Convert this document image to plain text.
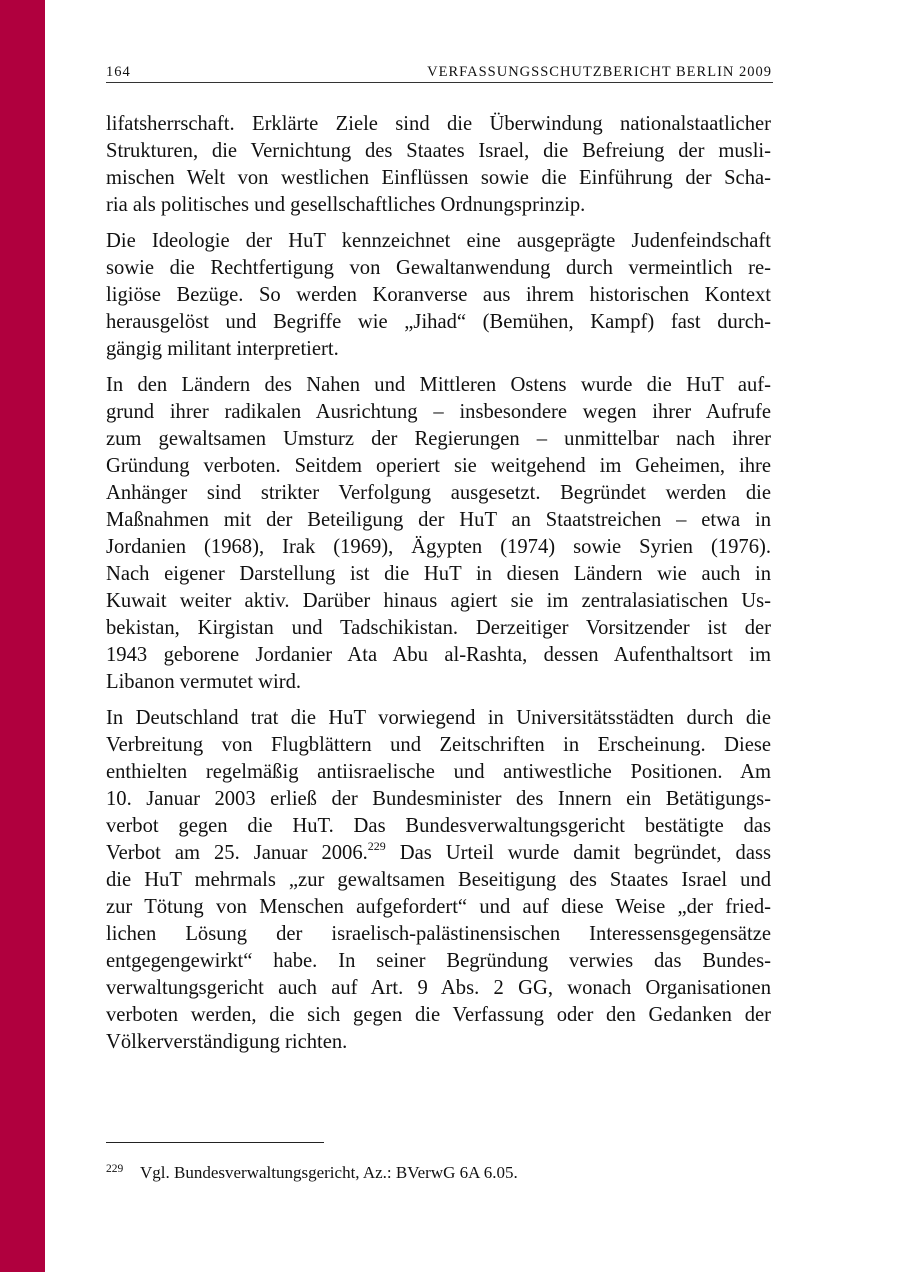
164	VERFASSUNGSSCHUTZBERICHT BERLIN 2009

lifatsherrschaft. Erklärte Ziele sind die Überwindung nationalstaatlicher
Strukturen, die Vernichtung des Staates Israel, die Befreiung der musli-
mischen Welt von westlichen Einflüssen sowie die Einführung der Scha-
ria als politisches und gesellschaftliches Ordnungsprinzip.

Die Ideologie der HuT kennzeichnet eine ausgeprägte Judenfeindschaft
sowie die Rechtfertigung von Gewaltanwendung durch vermeintlich re-
ligiöse Bezüge. So werden Koranverse aus ihrem historischen Kontext
herausgelöst und Begriffe wie „Jihad“ (Bemühen, Kampf) fast durch-
gängig militant interpretiert.

In den Ländern des Nahen und Mittleren Ostens wurde die HuT auf-
grund ihrer radikalen Ausrichtung – insbesondere wegen ihrer Aufrufe
zum gewaltsamen Umsturz der Regierungen – unmittelbar nach ihrer
Gründung verboten. Seitdem operiert sie weitgehend im Geheimen, ihre
Anhänger sind strikter Verfolgung ausgesetzt. Begründet werden die
Maßnahmen mit der Beteiligung der HuT an Staatstreichen – etwa in
Jordanien (1968), Irak (1969), Ägypten (1974) sowie Syrien (1976).
Nach eigener Darstellung ist die HuT in diesen Ländern wie auch in
Kuwait weiter aktiv. Darüber hinaus agiert sie im zentralasiatischen Us-
bekistan, Kirgistan und Tadschikistan. Derzeitiger Vorsitzender ist der
1943 geborene Jordanier Ata Abu al-Rashta, dessen Aufenthaltsort im
Libanon vermutet wird.

In Deutschland trat die HuT vorwiegend in Universitätsstädten durch die
Verbreitung von Flugblättern und Zeitschriften in Erscheinung. Diese
enthielten regelmäßig antiisraelische und antiwestliche Positionen. Am
10. Januar 2003 erließ der Bundesminister des Innern ein Betätigungs-
verbot gegen die HuT. Das Bundesverwaltungsgericht bestätigte das
Verbot am 25. Januar 2006.$^{229}$ Das Urteil wurde damit begründet, dass
die HuT mehrmals „zur gewaltsamen Beseitigung des Staates Israel und
zur Tötung von Menschen aufgefordert“ und auf diese Weise „der fried-
lichen Lösung der israelisch-palästinensischen Interessensgegensätze
entgegengewirkt“ habe. In seiner Begründung verwies das Bundes-
verwaltungsgericht auch auf Art. 9 Abs. 2 GG, wonach Organisationen
verboten werden, die sich gegen die Verfassung oder den Gedanken der
Völkerverständigung richten.

229 Vgl. Bundesverwaltungsgericht, Az.: BVerwG 6A 6.05.
